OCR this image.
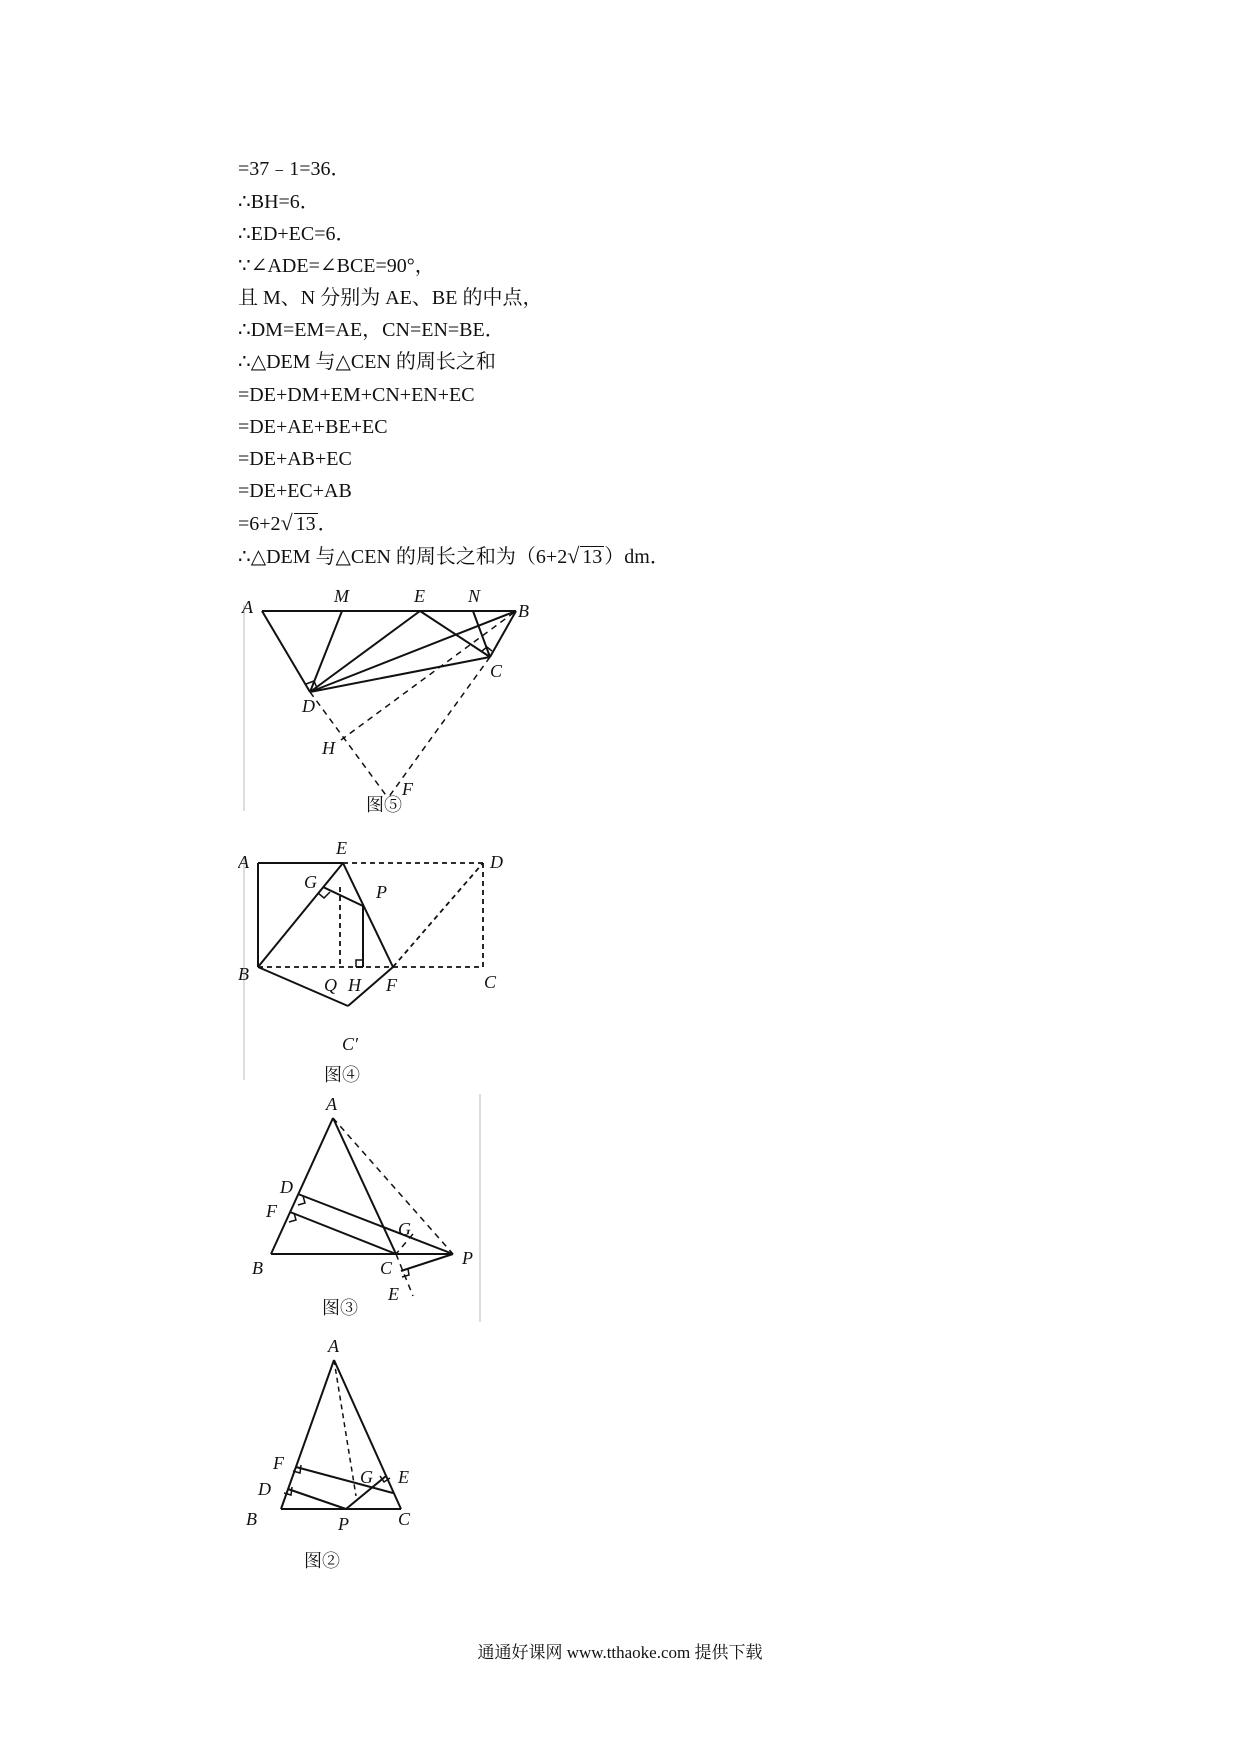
=37﹣1=36．
∴BH=6．
∴ED+EC=6．
∵∠ADE=∠BCE=90°，
且 M、N 分别为 AE、BE 的中点，
∴DM=EM=AE，CN=EN=BE．
∴△DEM 与△CEN 的周长之和
=DE+DM+EM+CN+EN+EC
=DE+AE+BE+EC
=DE+AB+EC
=DE+EC+AB
=6+2√ 13 ．
∴△DEM 与△CEN 的周长之和为（6+2√ 13 ）dm．
A
M	E N
B
C
D
H
F
图⑤
A
E
D
G	P
B
Q H F	C
C′
图④
A
D
F
G
B	C	P
E
图③
A
F
D
G E
B	P	C
图②
通通好课网 www.tthaoke.com 提供下载
